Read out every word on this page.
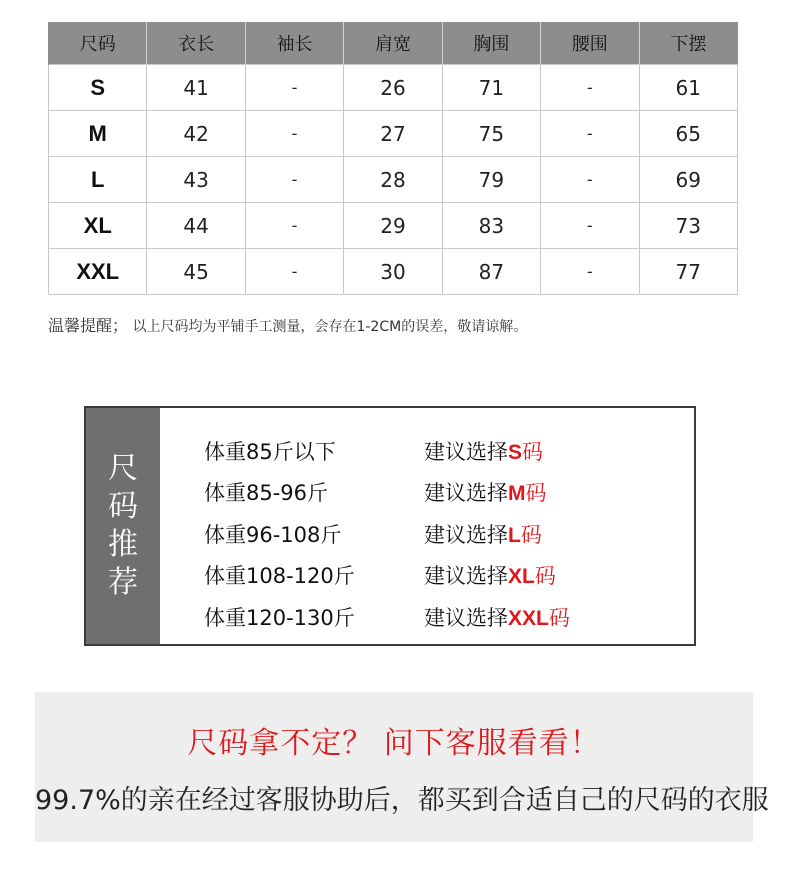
尺码	衣长	袖长	肩宽	胸围	腰围	下摆
S	41	-	26	71	-	61
M	42	-	27	75	-	65
L	43	-	28	79	-	69
XL	44	-	29	83	-	73
XXL	45	-	30	87	-	77
温馨提醒； 以上尺码均为平铺手工测量，会存在1-2CM的误差，敬请谅解。
尺码推荐
体重85斤以下	建议选择S码
体重85-96斤	建议选择M码
体重96-108斤	建议选择L码
体重108-120斤	建议选择XL码
体重120-130斤	建议选择XXL码
尺码拿不定？ 问下客服看看！
99.7%的亲在经过客服协助后，都买到合适自己的尺码的衣服
